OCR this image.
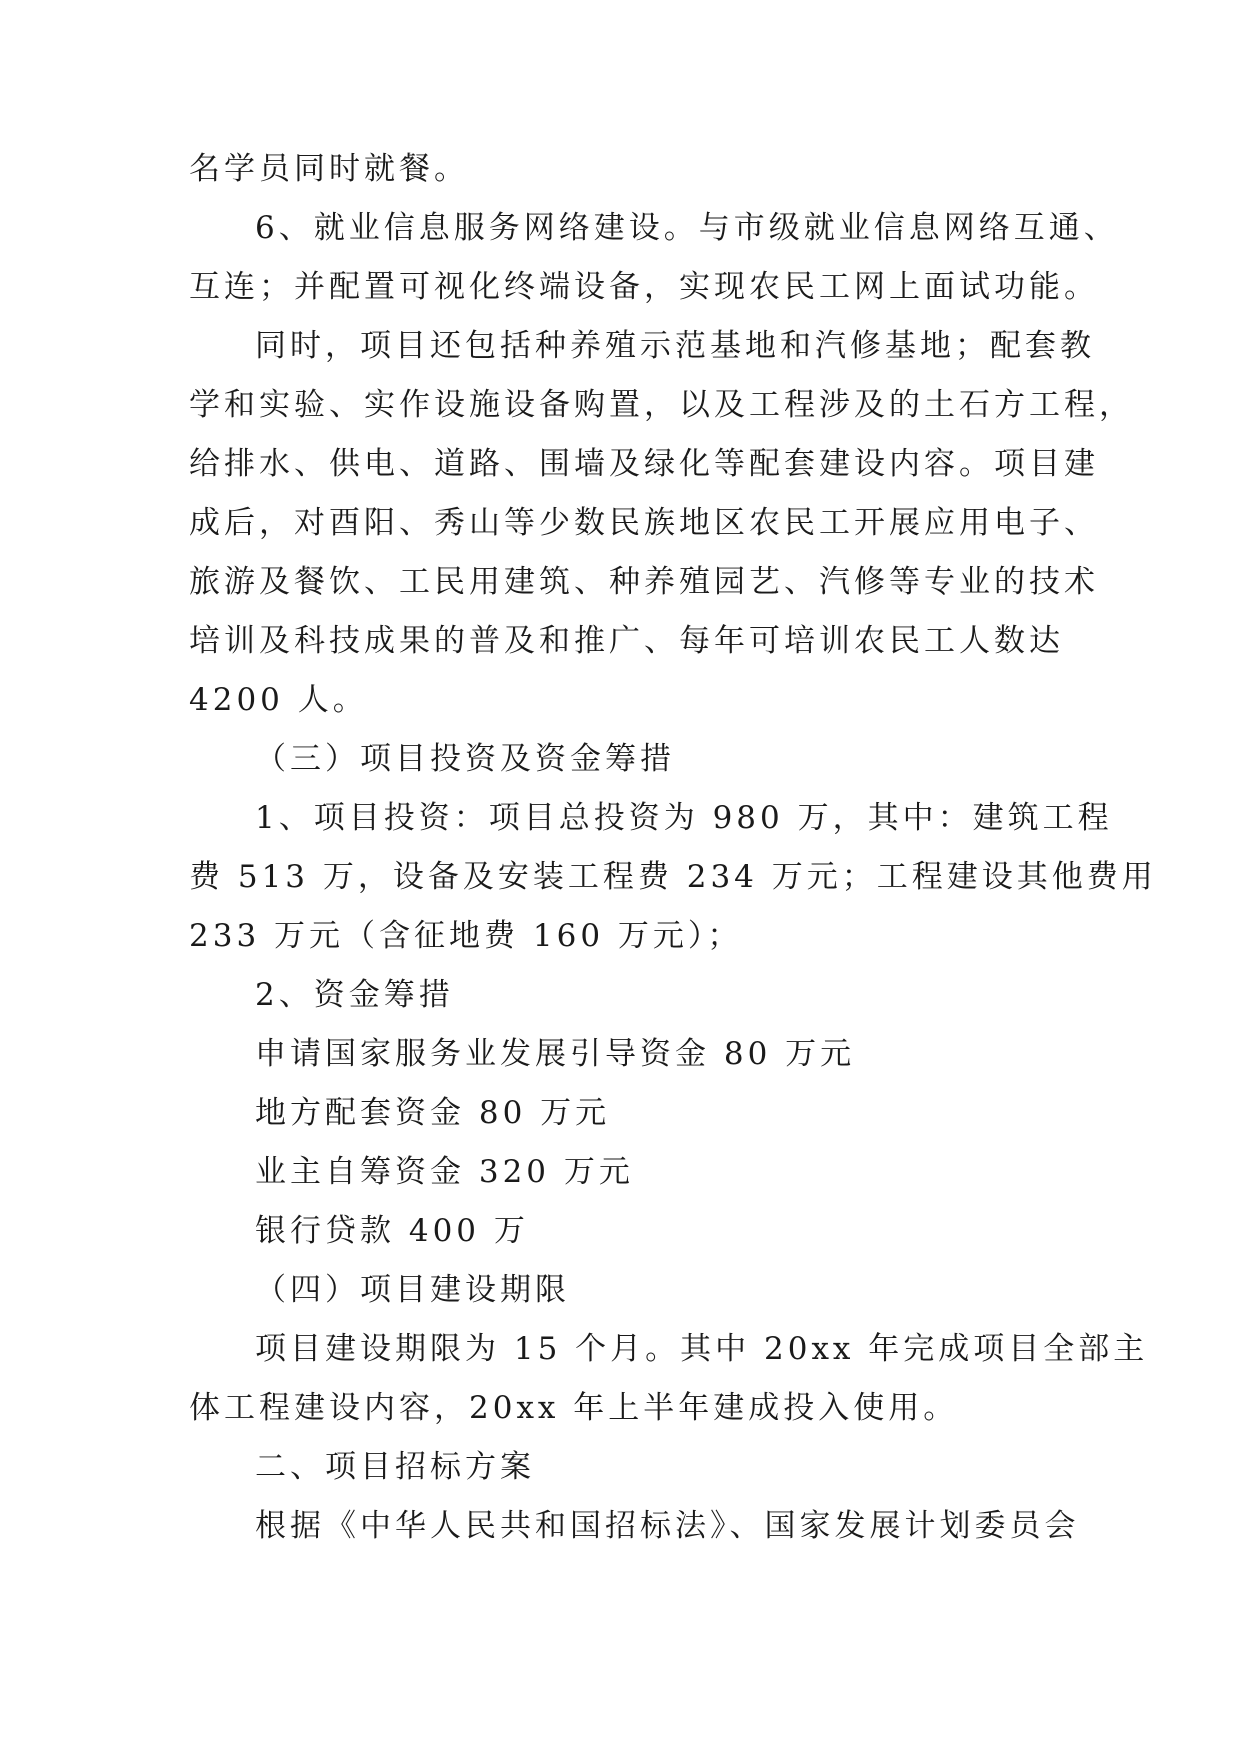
名学员同时就餐。
6、就业信息服务网络建设。与市级就业信息网络互通、
互连；并配置可视化终端设备，实现农民工网上面试功能。
同时，项目还包括种养殖示范基地和汽修基地；配套教
学和实验、实作设施设备购置，以及工程涉及的土石方工程，
给排水、供电、道路、围墙及绿化等配套建设内容。项目建
成后，对酉阳、秀山等少数民族地区农民工开展应用电子、
旅游及餐饮、工民用建筑、种养殖园艺、汽修等专业的技术
培训及科技成果的普及和推广、每年可培训农民工人数达
4200 人。
（三）项目投资及资金筹措
1、项目投资：项目总投资为 980 万，其中：建筑工程
费 513 万，设备及安装工程费 234 万元；工程建设其他费用
233 万元（含征地费 160 万元）；
2、资金筹措
申请国家服务业发展引导资金 80 万元
地方配套资金 80 万元
业主自筹资金 320 万元
银行贷款 400 万
（四）项目建设期限
项目建设期限为 15 个月。其中 20xx 年完成项目全部主
体工程建设内容，20xx 年上半年建成投入使用。
二、项目招标方案
根据《中华人民共和国招标法》、国家发展计划委员会
